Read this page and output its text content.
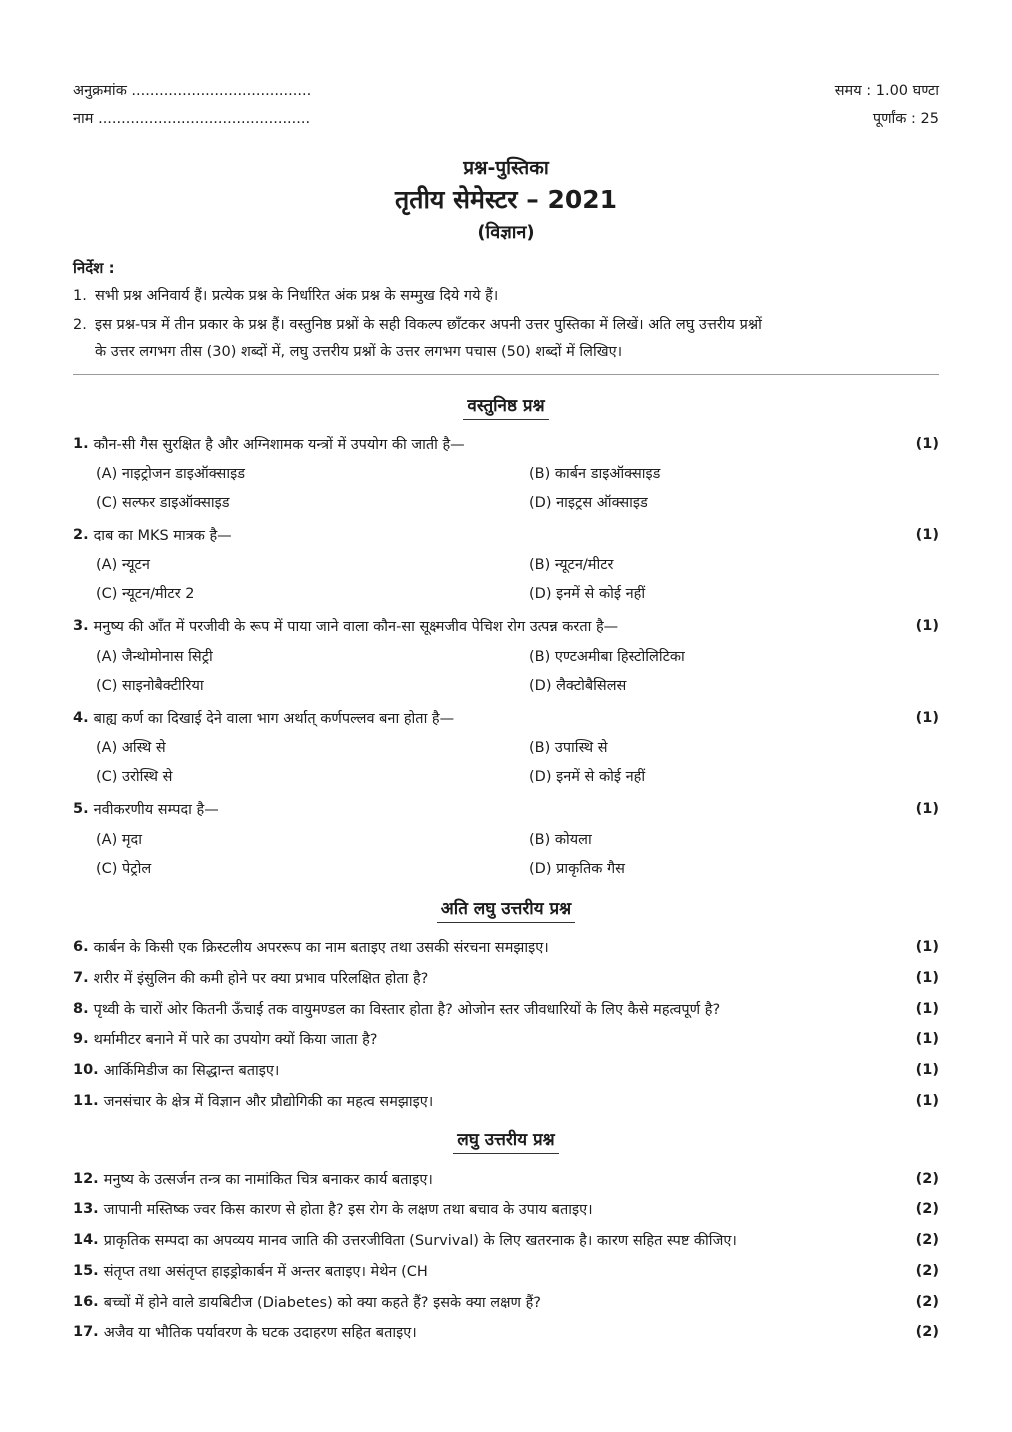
अनुक्रमांक .......................................	समय : 1.00 घण्टा
नाम ..............................................	पूर्णांक : 25
प्रश्न-पुस्तिका
तृतीय सेमेस्टर – 2021
(विज्ञान)
निर्देश :
1. सभी प्रश्न अनिवार्य हैं। प्रत्येक प्रश्न के निर्धारित अंक प्रश्न के सम्मुख दिये गये हैं।
2. इस प्रश्न-पत्र में तीन प्रकार के प्रश्न हैं। वस्तुनिष्ठ प्रश्नों के सही विकल्प छाँटकर अपनी उत्तर पुस्तिका में लिखें। अति लघु उत्तरीय प्रश्नों
के उत्तर लगभग तीस (30) शब्दों में, लघु उत्तरीय प्रश्नों के उत्तर लगभग पचास (50) शब्दों में लिखिए।
वस्तुनिष्ठ प्रश्न
1. कौन-सी गैस सुरक्षित है और अग्निशामक यन्त्रों में उपयोग की जाती है—	(1)
(A) नाइट्रोजन डाइऑक्साइड	(B) कार्बन डाइऑक्साइड
(C) सल्फर डाइऑक्साइड	(D) नाइट्रस ऑक्साइड
2. दाब का MKS मात्रक है—	(1)
(A) न्यूटन	(B) न्यूटन/मीटर
(C) न्यूटन/मीटर 2	(D) इनमें से कोई नहीं
3. मनुष्य की आँत में परजीवी के रूप में पाया जाने वाला कौन-सा सूक्ष्मजीव पेचिश रोग उत्पन्न करता है—	(1)
(A) जैन्थोमोनास सिट्री	(B) एण्टअमीबा हिस्टोलिटिका
(C) साइनोबैक्टीरिया	(D) लैक्टोबैसिलस
4. बाह्य कर्ण का दिखाई देने वाला भाग अर्थात् कर्णपल्लव बना होता है—	(1)
(A) अस्थि से	(B) उपास्थि से
(C) उरोस्थि से	(D) इनमें से कोई नहीं
5. नवीकरणीय सम्पदा है—	(1)
(A) मृदा	(B) कोयला
(C) पेट्रोल	(D) प्राकृतिक गैस
अति लघु उत्तरीय प्रश्न
6. कार्बन के किसी एक क्रिस्टलीय अपररूप का नाम बताइए तथा उसकी संरचना समझाइए।	(1)
7. शरीर में इंसुलिन की कमी होने पर क्या प्रभाव परिलक्षित होता है?	(1)
8. पृथ्वी के चारों ओर कितनी ऊँचाई तक वायुमण्डल का विस्तार होता है? ओजोन स्तर जीवधारियों के लिए कैसे महत्वपूर्ण है?	(1)
9. थर्मामीटर बनाने में पारे का उपयोग क्यों किया जाता है?	(1)
10. आर्किमिडीज का सिद्धान्त बताइए।	(1)
11. जनसंचार के क्षेत्र में विज्ञान और प्रौद्योगिकी का महत्व समझाइए।	(1)
लघु उत्तरीय प्रश्न
12. मनुष्य के उत्सर्जन तन्त्र का नामांकित चित्र बनाकर कार्य बताइए।	(2)
13. जापानी मस्तिष्क ज्वर किस कारण से होता है? इस रोग के लक्षण तथा बचाव के उपाय बताइए।	(2)
14. प्राकृतिक सम्पदा का अपव्यय मानव जाति की उत्तरजीविता (Survival) के लिए खतरनाक है। कारण सहित स्पष्ट कीजिए।	(2)
15. संतृप्त तथा असंतृप्त हाइड्रोकार्बन में अन्तर बताइए। मेथेन (CH	(2)
16. बच्चों में होने वाले डायबिटीज (Diabetes) को क्या कहते हैं? इसके क्या लक्षण हैं?	(2)
17. अजैव या भौतिक पर्यावरण के घटक उदाहरण सहित बताइए।	(2)
